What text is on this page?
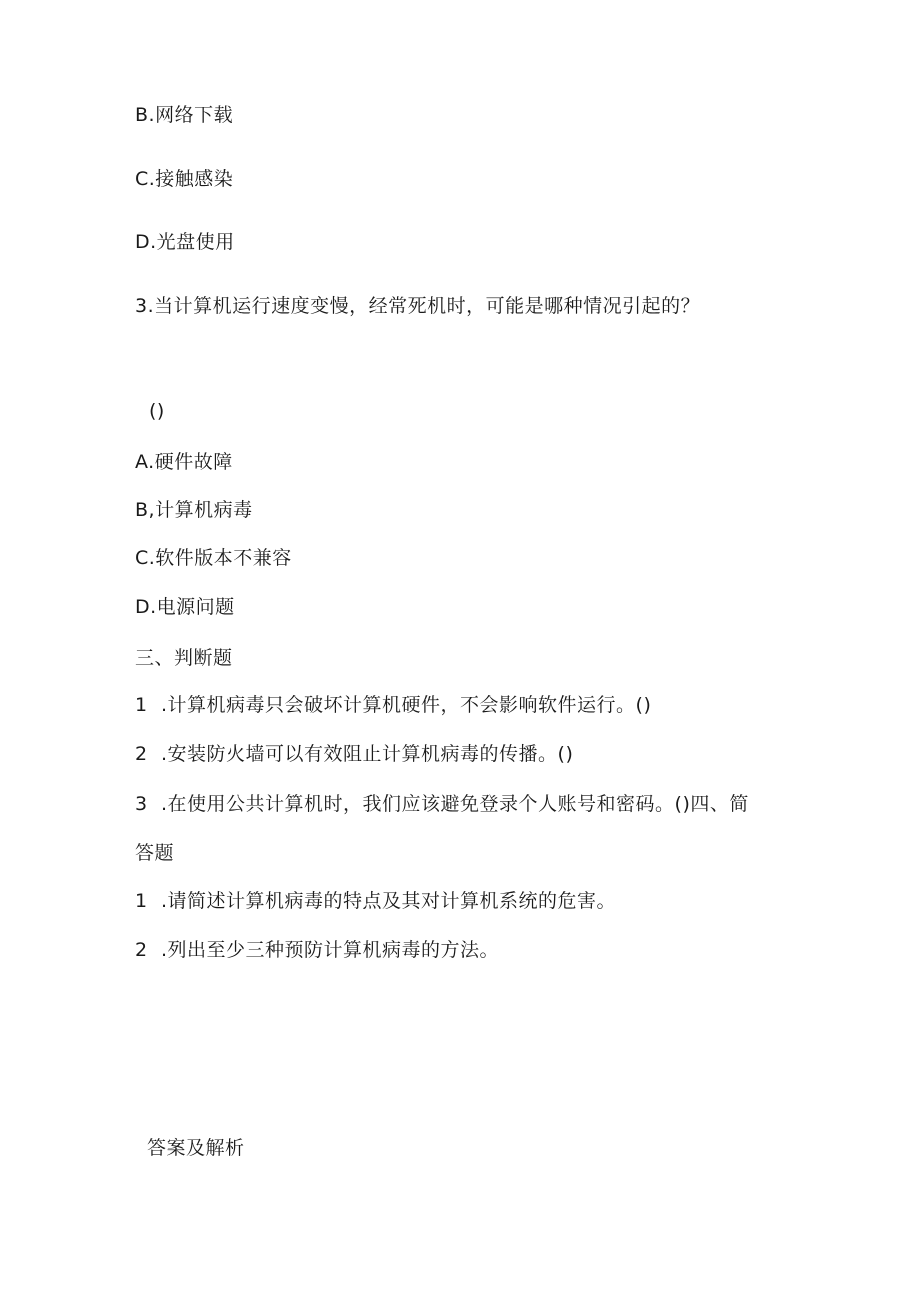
B.网络下载
C.接触感染
D.光盘使用
3.当计算机运行速度变慢，经常死机时，可能是哪种情况引起的？
()
A.硬件故障
B,计算机病毒
C.软件版本不兼容
D.电源问题
三、判断题
1 .计算机病毒只会破坏计算机硬件，不会影响软件运行。()
2 .安装防火墙可以有效阻止计算机病毒的传播。()
3 .在使用公共计算机时，我们应该避免登录个人账号和密码。()四、简
答题
1 .请简述计算机病毒的特点及其对计算机系统的危害。
2 .列出至少三种预防计算机病毒的方法。
答案及解析
